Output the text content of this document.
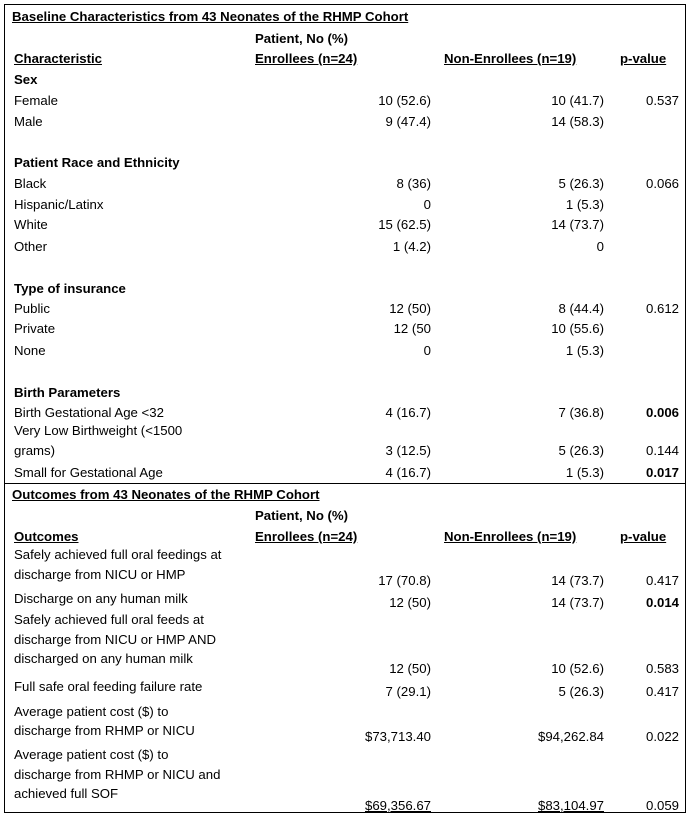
Baseline Characteristics from 43 Neonates of the RHMP Cohort
Patient, No (%)
Characteristic	Enrollees (n=24)	Non-Enrollees (n=19)	p-value
Sex
Female	10 (52.6)	10 (41.7)	0.537
Male	9 (47.4)	14 (58.3)
Patient Race and Ethnicity
Black	8 (36)	5 (26.3)	0.066
Hispanic/Latinx	0	1 (5.3)
White	15 (62.5)	14 (73.7)
Other	1 (4.2)	0
Type of insurance
Public	12 (50)	8 (44.4)	0.612
Private	12 (50	10 (55.6)
None	0	1 (5.3)
Birth Parameters
Birth Gestational Age <32	4 (16.7)	7 (36.8)	0.006
Very Low Birthweight (<1500
grams)	3 (12.5)	5 (26.3)	0.144
Small for Gestational Age	4 (16.7)	1 (5.3)	0.017
Outcomes from 43 Neonates of the RHMP Cohort
Patient, No (%)
Outcomes	Enrollees (n=24)	Non-Enrollees (n=19)	p-value
Safely achieved full oral feedings at
discharge from NICU or HMP	17 (70.8)	14 (73.7)	0.417
Discharge on any human milk	12 (50)	14 (73.7)	0.014
Safely achieved full oral feeds at
discharge from NICU or HMP AND
discharged on any human milk
12 (50)	10 (52.6)	0.583
Full safe oral feeding failure rate	7 (29.1)	5 (26.3)	0.417
Average patient cost ($) to
discharge from RHMP or NICU	$73,713.40	$94,262.84	0.022
Average patient cost ($) to
discharge from RHMP or NICU and
achieved full SOF
$69,356.67	$83,104.97	0.059
